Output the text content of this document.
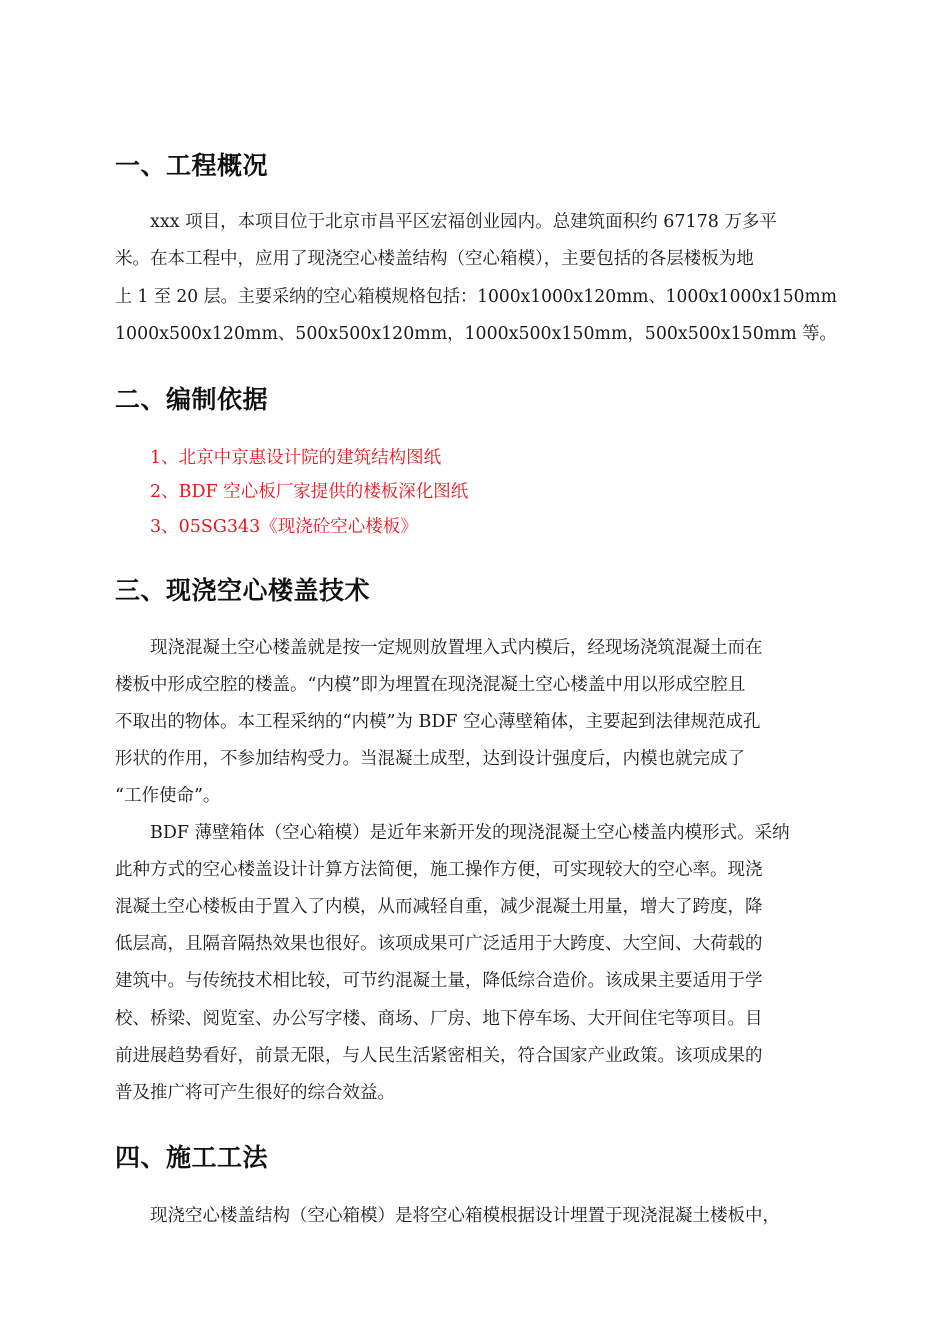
一、工程概况
xxx 项目，本项目位于北京市昌平区宏福创业园内。总建筑面积约 67178 万多平
米。在本工程中，应用了现浇空心楼盖结构（空心箱模），主要包括的各层楼板为地
上 1 至 20 层。主要采纳的空心箱模规格包括：1000x1000x120mm、1000x1000x150mm
1000x500x120mm、500x500x120mm，1000x500x150mm，500x500x150mm 等。
二、编制依据
1、北京中京惠设计院的建筑结构图纸
2、BDF 空心板厂家提供的楼板深化图纸
3、05SG343《现浇砼空心楼板》
三、现浇空心楼盖技术
现浇混凝土空心楼盖就是按一定规则放置埋入式内模后，经现场浇筑混凝土而在
楼板中形成空腔的楼盖。“内模”即为埋置在现浇混凝土空心楼盖中用以形成空腔且
不取出的物体。本工程采纳的“内模”为 BDF 空心薄壁箱体，主要起到法律规范成孔
形状的作用，不参加结构受力。当混凝土成型，达到设计强度后，内模也就完成了
“工作使命”。
BDF 薄壁箱体（空心箱模）是近年来新开发的现浇混凝土空心楼盖内模形式。采纳
此种方式的空心楼盖设计计算方法简便，施工操作方便，可实现较大的空心率。现浇
混凝土空心楼板由于置入了内模，从而减轻自重，减少混凝土用量，增大了跨度，降
低层高，且隔音隔热效果也很好。该项成果可广泛适用于大跨度、大空间、大荷载的
建筑中。与传统技术相比较，可节约混凝土量，降低综合造价。该成果主要适用于学
校、桥梁、阅览室、办公写字楼、商场、厂房、地下停车场、大开间住宅等项目。目
前进展趋势看好，前景无限，与人民生活紧密相关，符合国家产业政策。该项成果的
普及推广将可产生很好的综合效益。
四、施工工法
现浇空心楼盖结构（空心箱模）是将空心箱模根据设计埋置于现浇混凝土楼板中，
